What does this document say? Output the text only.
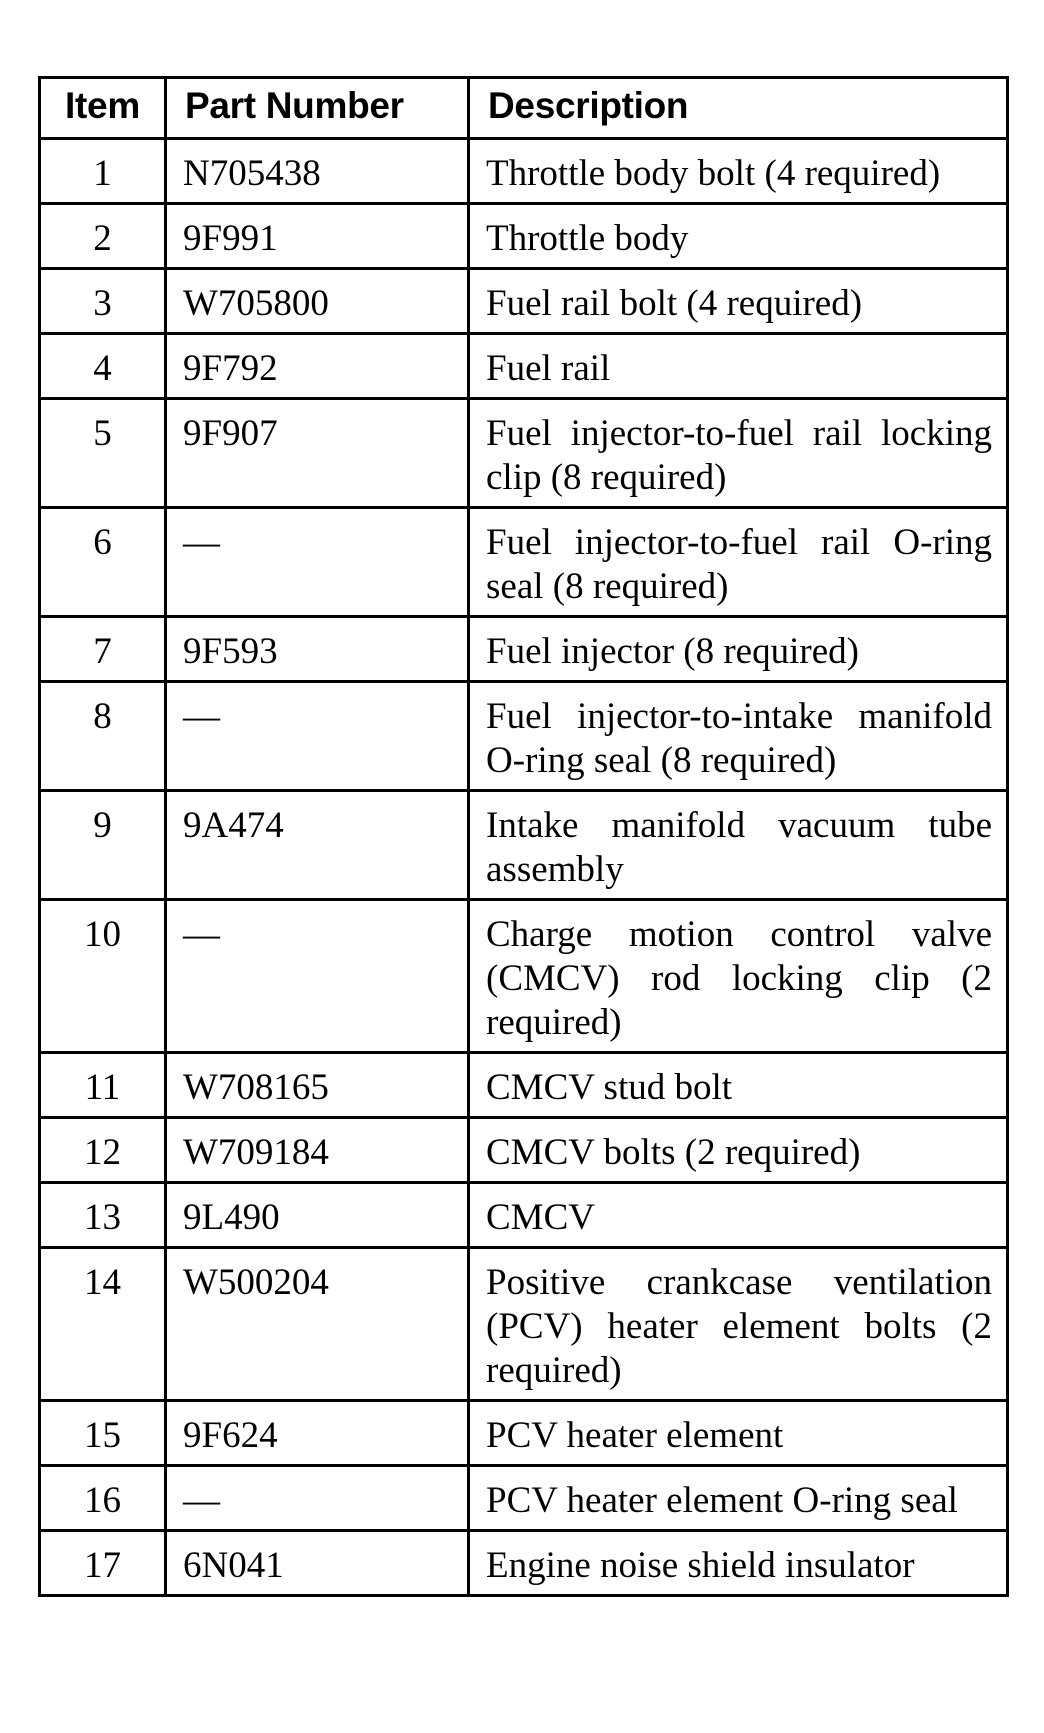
Item	Part Number	Description
1	N705438	Throttle body bolt (4 required)
2	9F991	Throttle body
3	W705800	Fuel rail bolt (4 required)
4	9F792	Fuel rail
5	9F907	Fuel injector-to-fuel rail locking clip (8 required)
6	—	Fuel injector-to-fuel rail O-ring seal (8 required)
7	9F593	Fuel injector (8 required)
8	—	Fuel injector-to-intake manifold O-ring seal (8 required)
9	9A474	Intake manifold vacuum tube assembly
10	—	Charge motion control valve (CMCV) rod locking clip (2 required)
11	W708165	CMCV stud bolt
12	W709184	CMCV bolts (2 required)
13	9L490	CMCV
14	W500204	Positive crankcase ventilation (PCV) heater element bolts (2 required)
15	9F624	PCV heater element
16	—	PCV heater element O-ring seal
17	6N041	Engine noise shield insulator
